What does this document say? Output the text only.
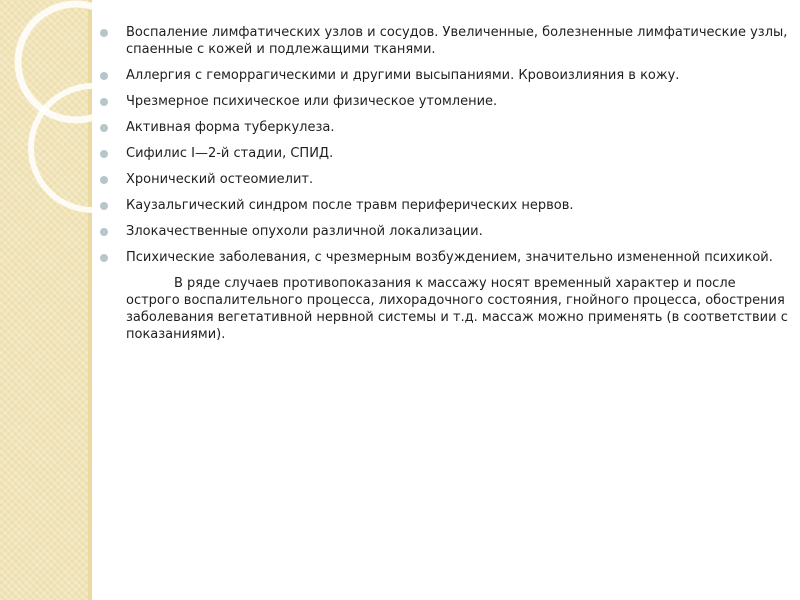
Воспаление лимфатических узлов и сосудов. Увеличенные, болезненные лимфатические узлы, спаенные с кожей и подлежащими тканями.
Аллергия с геморрагическими и другими высыпаниями. Кровоизлияния в кожу.
Чрезмерное психическое или физическое утомление.
Активная форма туберкулеза.
Сифилис I—2-й стадии, СПИД.
Хронический остеомиелит.
Каузальгический синдром после травм периферических нервов.
Злокачественные опухоли различной локализации.
Психические заболевания, с чрезмерным возбуждением, значительно измененной психикой.

В ряде случаев противопоказания к массажу носят временный характер и после острого воспалительного процесса, лихорадочного состояния, гнойного процесса, обострения заболевания вегетативной нервной системы и т.д. массаж можно применять (в соответствии с показаниями).
